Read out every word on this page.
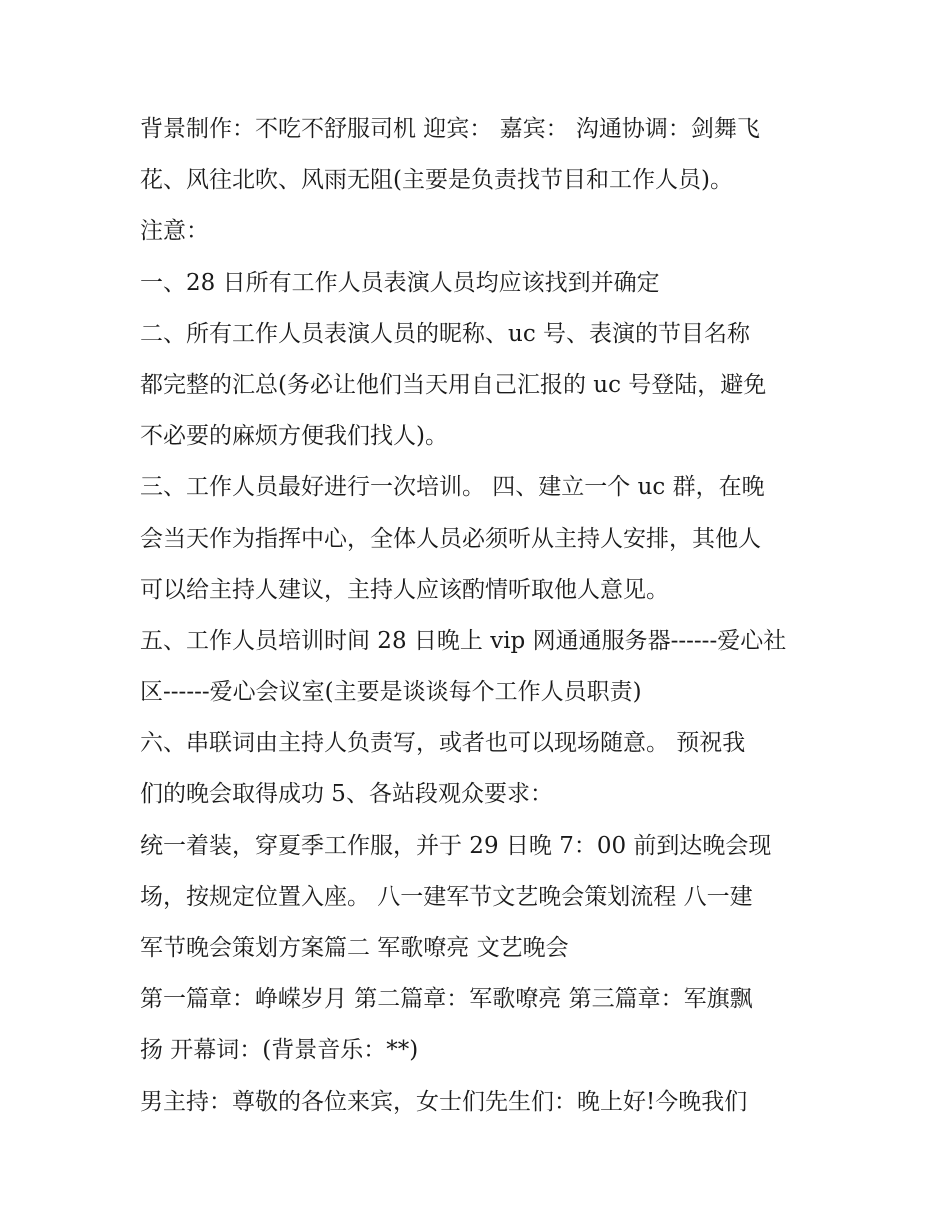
背景制作：不吃不舒服司机 迎宾： 嘉宾： 沟通协调：剑舞飞
花、风往北吹、风雨无阻(主要是负责找节目和工作人员)。
注意：
一、28 日所有工作人员表演人员均应该找到并确定
二、所有工作人员表演人员的昵称、uc 号、表演的节目名称
都完整的汇总(务必让他们当天用自己汇报的 uc 号登陆，避免
不必要的麻烦方便我们找人)。
三、工作人员最好进行一次培训。 四、建立一个 uc 群，在晚
会当天作为指挥中心，全体人员必须听从主持人安排，其他人
可以给主持人建议，主持人应该酌情听取他人意见。
五、工作人员培训时间 28 日晚上 vip 网通通服务器------爱心社
区------爱心会议室(主要是谈谈每个工作人员职责)
六、串联词由主持人负责写，或者也可以现场随意。 预祝我
们的晚会取得成功 5、各站段观众要求：
统一着装，穿夏季工作服，并于 29 日晚 7：00 前到达晚会现
场，按规定位置入座。 八一建军节文艺晚会策划流程 八一建
军节晚会策划方案篇二 军歌嘹亮 文艺晚会
第一篇章：峥嵘岁月 第二篇章：军歌嘹亮 第三篇章：军旗飘
扬 开幕词：(背景音乐：**)
男主持：尊敬的各位来宾，女士们先生们：晚上好!今晚我们
